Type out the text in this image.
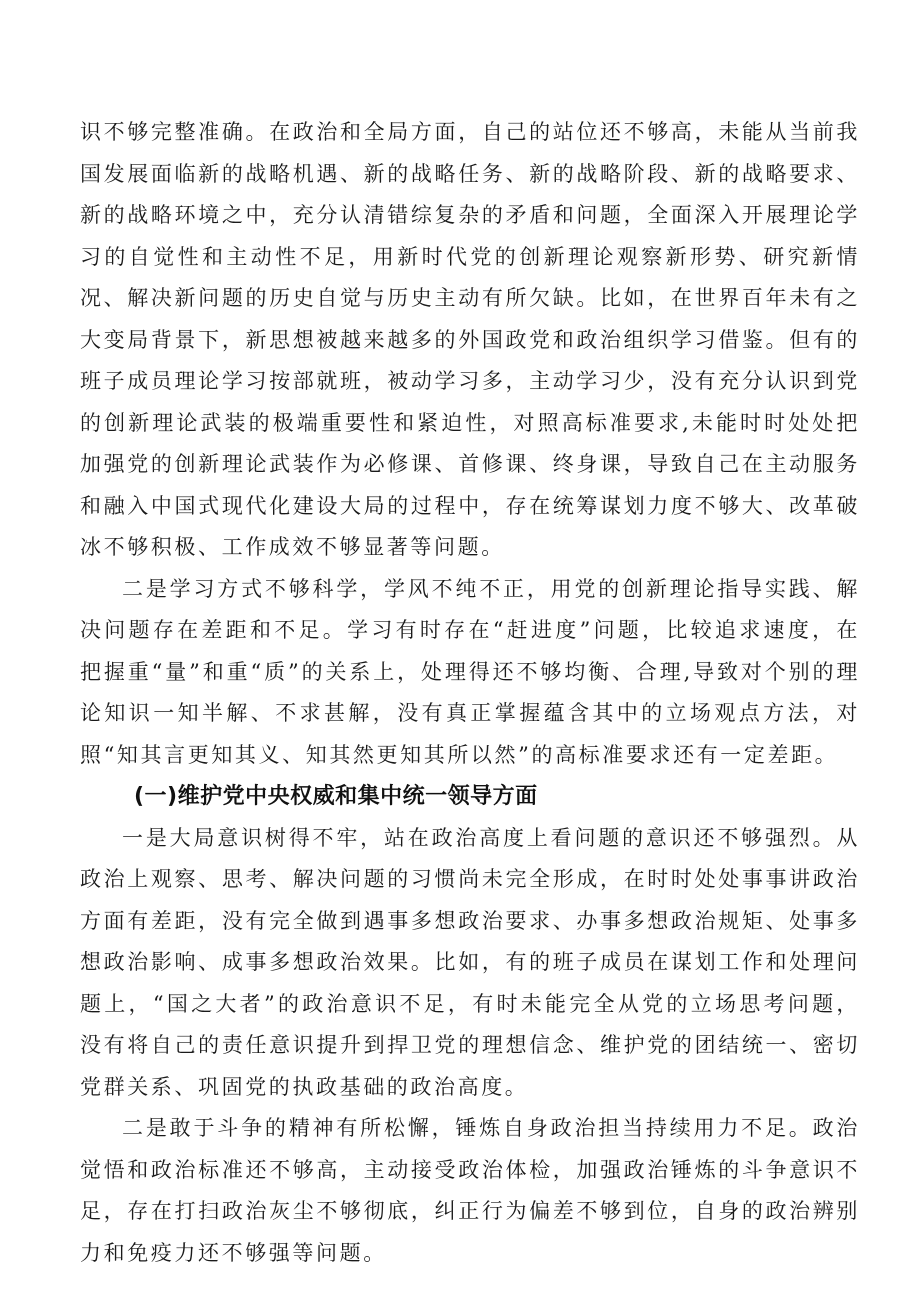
识不够完整准确。在政治和全局方面，自己的站位还不够高，未能从当前我国发展面临新的战略机遇、新的战略任务、新的战略阶段、新的战略要求、新的战略环境之中，充分认清错综复杂的矛盾和问题，全面深入开展理论学习的自觉性和主动性不足，用新时代党的创新理论观察新形势、研究新情况、解决新问题的历史自觉与历史主动有所欠缺。比如，在世界百年未有之大变局背景下，新思想被越来越多的外国政党和政治组织学习借鉴。但有的班子成员理论学习按部就班，被动学习多，主动学习少，没有充分认识到党的创新理论武装的极端重要性和紧迫性，对照高标准要求,未能时时处处把加强党的创新理论武装作为必修课、首修课、终身课，导致自己在主动服务和融入中国式现代化建设大局的过程中，存在统筹谋划力度不够大、改革破冰不够积极、工作成效不够显著等问题。

二是学习方式不够科学，学风不纯不正，用党的创新理论指导实践、解决问题存在差距和不足。学习有时存在“赶进度”问题，比较追求速度，在把握重“量”和重“质”的关系上，处理得还不够均衡、合理,导致对个别的理论知识一知半解、不求甚解，没有真正掌握蕴含其中的立场观点方法，对照“知其言更知其义、知其然更知其所以然”的高标准要求还有一定差距。

(一)维护党中央权威和集中统一领导方面

一是大局意识树得不牢，站在政治高度上看问题的意识还不够强烈。从政治上观察、思考、解决问题的习惯尚未完全形成，在时时处处事事讲政治方面有差距，没有完全做到遇事多想政治要求、办事多想政治规矩、处事多想政治影响、成事多想政治效果。比如，有的班子成员在谋划工作和处理问题上，“国之大者”的政治意识不足，有时未能完全从党的立场思考问题，没有将自己的责任意识提升到捍卫党的理想信念、维护党的团结统一、密切党群关系、巩固党的执政基础的政治高度。

二是敢于斗争的精神有所松懈，锤炼自身政治担当持续用力不足。政治觉悟和政治标准还不够高，主动接受政治体检，加强政治锤炼的斗争意识不足，存在打扫政治灰尘不够彻底，纠正行为偏差不够到位，自身的政治辨别力和免疫力还不够强等问题。
